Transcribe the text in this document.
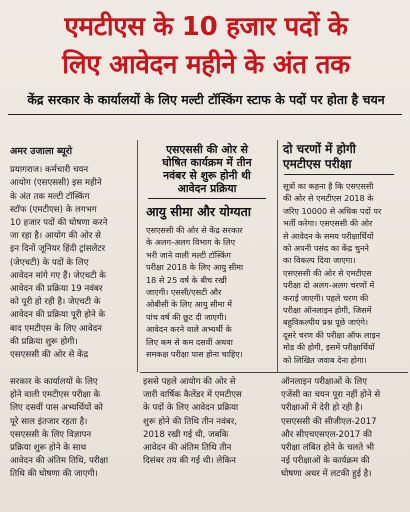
एमटीएस के 10 हजार पदों के
लिए आवेदन महीने के अंत तक
केंद्र सरकार के कार्यालयों के लिए मल्टी टॉस्किंग स्टाफ के पदों पर होता है चयन
अमर उजाला ब्यूरो
प्रयागराज। कर्मचारी चयन
आयोग (एसएससी) इस महीने
के अंत तक मल्टी टॉस्किंग
स्टॉफ (एमटीएस) के लगभग
10 हजार पदों की घोषणा करने
जा रहा है। आयोग की ओर से
इन दिनों जूनियर हिंदी ट्रांसलेटर
(जेएचटी) के पदों के लिए
आवेदन मांगे गए हैं। जेएचटी के
आवेदन की प्रक्रिया 19 नवंबर
को पूरी हो रही है। जेएचटी के
आवेदन की प्रक्रिया पूरी होने के
बाद एमटीएस के लिए आवेदन
की प्रक्रिया शुरू होगी।
एसएससी की ओर से केंद्र
एसएससी की ओर से
घोषित कार्यक्रम में तीन
नवंबर से शुरू होनी थी
आवेदन प्रक्रिया
आयु सीमा और योग्यता
एसएससी की ओर से केंद्र सरकार
के अलग-अलग विभाग के लिए
भरी जाने वाली मल्टी टॉस्किंग
परीक्षा 2018 के लिए आयु सीमा
18 से 25 वर्ष के बीच रखी
जाएगी। एससी/एसटी और
ओबीसी के लिए आयु सीमा में
पांच वर्ष की छूट दी जाएगी।
आवेदन करने वाले अभ्यर्थी के
लिए कम से कम दसवीं अथवा
समकक्ष परीक्षा पास होना चाहिए।
दो चरणों में होगी
एमटीएस परीक्षा
सूत्रों का कहना है कि एसएससी
की ओर से एमटीएस 2018 के
जरिए 10000 से अधिक पदों पर
भर्ती करेगा। एसएससी की ओर
से आवेदन के समय परीक्षार्थियों
को अपनी पसंद का केंद्र चुनने
का विकल्प दिया जाएगा।
एसएससी की ओर से एमटीएस
परीक्षा दो अलग-अलग चरणों में
कराई जाएगी। पहले चरण की
परीक्षा ऑनलाइन होगी, जिसमें
बहुविकल्पीय प्रश्न पूछे जाएंगे।
दूसरे चरण की परीक्षा ऑफ लाइन
मोड की होगी, इसमें परीक्षार्थियों
को लिखित जवाब देना होगा।
सरकार के कार्यालयों के लिए
होने वाली एमटीएस परीक्षा के
लिए दसवीं पास अभ्यर्थियों को
पूरे साल इंतजार रहता है।
एसएससी के लिए विज्ञापन
प्रक्रिया शुरू होने के साथ
आवेदन की अंतिम तिथि, परीक्षा
तिथि की घोषणा की जाएगी।
इससे पहले आयोग की ओर से
जारी वार्षिक कैलेंडर में एमटीएस
के पदों के लिए आवेदन प्रक्रिया
शुरू होने की तिथि तीन नवंबर,
2018 रखी गई थी, जबकि
आवेदन की अंतिम तिथि तीन
दिसंबर तय की गई थी। लेकिन
ऑनलाइन परीक्षाओं के लिए
एजेंसी का चयन पूरा नहीं होने से
परीक्षाओं में देरी हो रही है।
एसएससी की सीजीएल-2017
और सीएचएसएल-2017 की
परीक्षा लंबित होने के चलते भी
नई परीक्षाओं के कार्यक्रम की
घोषणा अधर में लटकी हुई है।
